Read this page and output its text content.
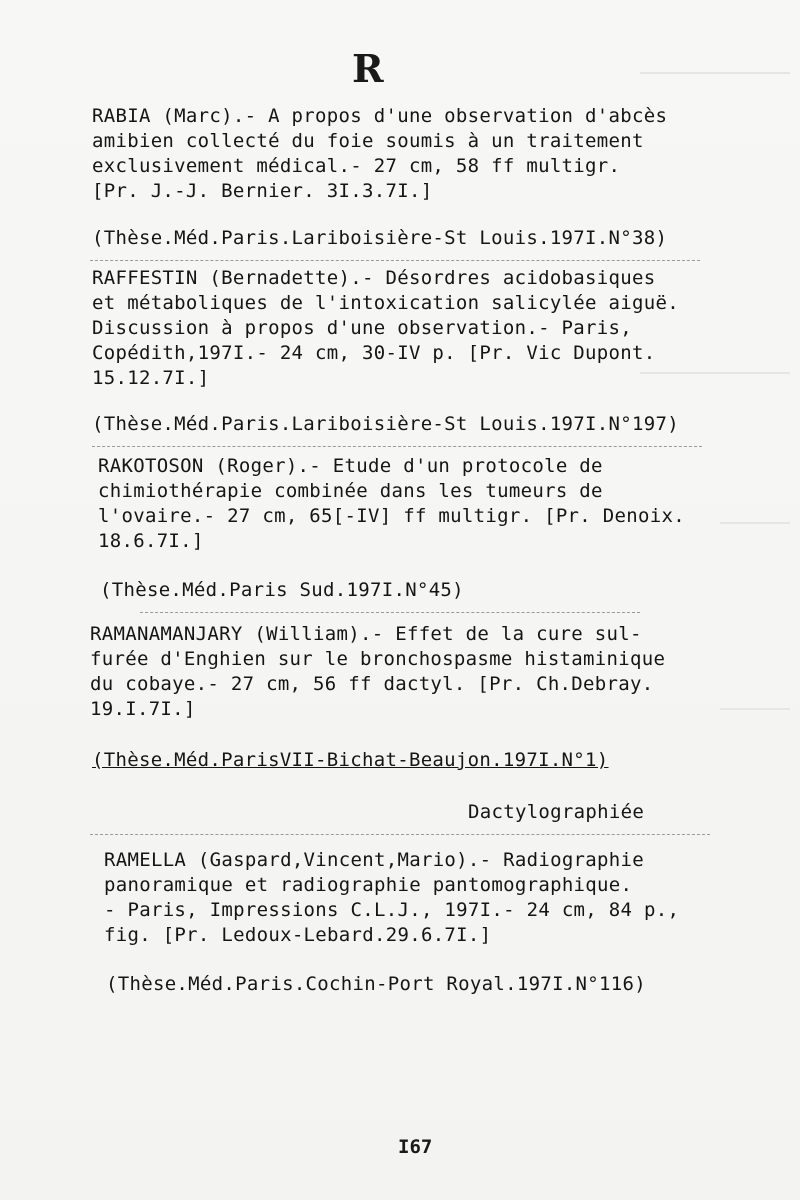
R
RABIA (Marc).- A propos d'une observation d'abcès
amibien collecté du foie soumis à un traitement
exclusivement médical.- 27 cm, 58 ff multigr.
[Pr. J.-J. Bernier. 3I.3.7I.]
(Thèse.Méd.Paris.Lariboisière-St Louis.197I.N°38)
RAFFESTIN (Bernadette).- Désordres acidobasiques
et métaboliques de l'intoxication salicylée aiguë.
Discussion à propos d'une observation.- Paris,
Copédith,197I.- 24 cm, 30-IV p. [Pr. Vic Dupont.
15.12.7I.]
(Thèse.Méd.Paris.Lariboisière-St Louis.197I.N°197)
RAKOTOSON (Roger).- Etude d'un protocole de
chimiothérapie combinée dans les tumeurs de
l'ovaire.- 27 cm, 65[-IV] ff multigr. [Pr. Denoix.
18.6.7I.]
(Thèse.Méd.Paris Sud.197I.N°45)
RAMANAMANJARY (William).- Effet de la cure sul-
furée d'Enghien sur le bronchospasme histaminique
du cobaye.- 27 cm, 56 ff dactyl. [Pr. Ch.Debray.
19.I.7I.]
(Thèse.Méd.ParisVII-Bichat-Beaujon.197I.N°1)
Dactylographiée
RAMELLA (Gaspard,Vincent,Mario).- Radiographie
panoramique et radiographie pantomographique.
- Paris, Impressions C.L.J., 197I.- 24 cm, 84 p.,
fig. [Pr. Ledoux-Lebard.29.6.7I.]
(Thèse.Méd.Paris.Cochin-Port Royal.197I.N°116)
I67
